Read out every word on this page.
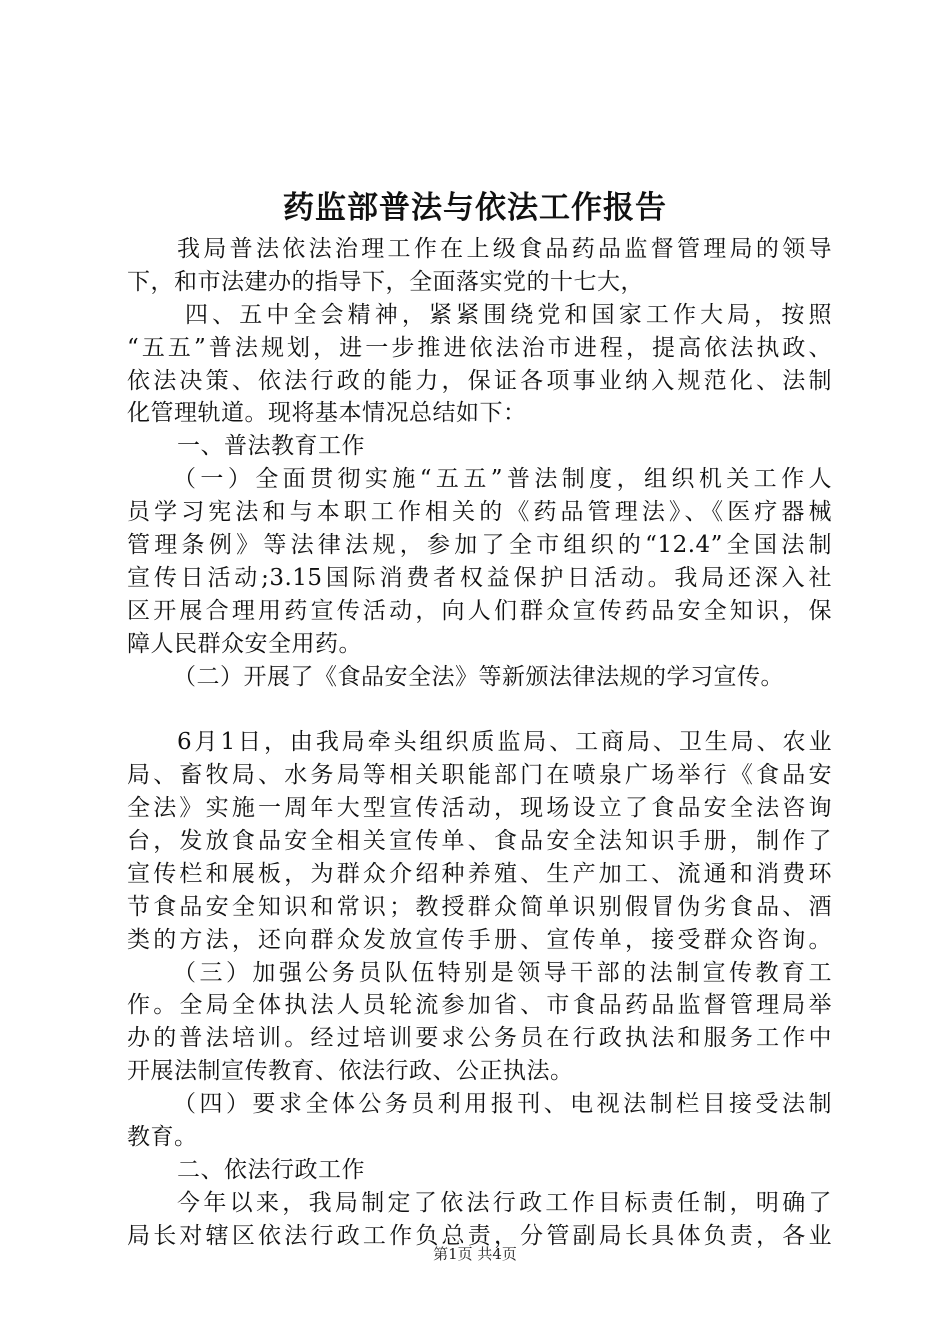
药监部普法与依法工作报告
我局普法依法治理工作在上级食品药品监督管理局的领导
下，和市法建办的指导下，全面落实党的十七大，
四、五中全会精神，紧紧围绕党和国家工作大局，按照
“五五”普法规划，进一步推进依法治市进程，提高依法执政、
依法决策、依法行政的能力，保证各项事业纳入规范化、法制
化管理轨道。现将基本情况总结如下：
一、普法教育工作
（一）全面贯彻实施“五五”普法制度，组织机关工作人
员学习宪法和与本职工作相关的《药品管理法》、《医疗器械
管理条例》等法律法规，参加了全市组织的“12.4”全国法制
宣传日活动;3.15国际消费者权益保护日活动。我局还深入社
区开展合理用药宣传活动，向人们群众宣传药品安全知识，保
障人民群众安全用药。
（二）开展了《食品安全法》等新颁法律法规的学习宣传。
6月1日，由我局牵头组织质监局、工商局、卫生局、农业
局、畜牧局、水务局等相关职能部门在喷泉广场举行《食品安
全法》实施一周年大型宣传活动，现场设立了食品安全法咨询
台，发放食品安全相关宣传单、食品安全法知识手册，制作了
宣传栏和展板，为群众介绍种养殖、生产加工、流通和消费环
节食品安全知识和常识；教授群众简单识别假冒伪劣食品、酒
类的方法，还向群众发放宣传手册、宣传单，接受群众咨询。
（三）加强公务员队伍特别是领导干部的法制宣传教育工
作。全局全体执法人员轮流参加省、市食品药品监督管理局举
办的普法培训。经过培训要求公务员在行政执法和服务工作中
开展法制宣传教育、依法行政、公正执法。
（四）要求全体公务员利用报刊、电视法制栏目接受法制
教育。
二、依法行政工作
今年以来，我局制定了依法行政工作目标责任制，明确了
局长对辖区依法行政工作负总责，分管副局长具体负责，各业
第1页 共4页
